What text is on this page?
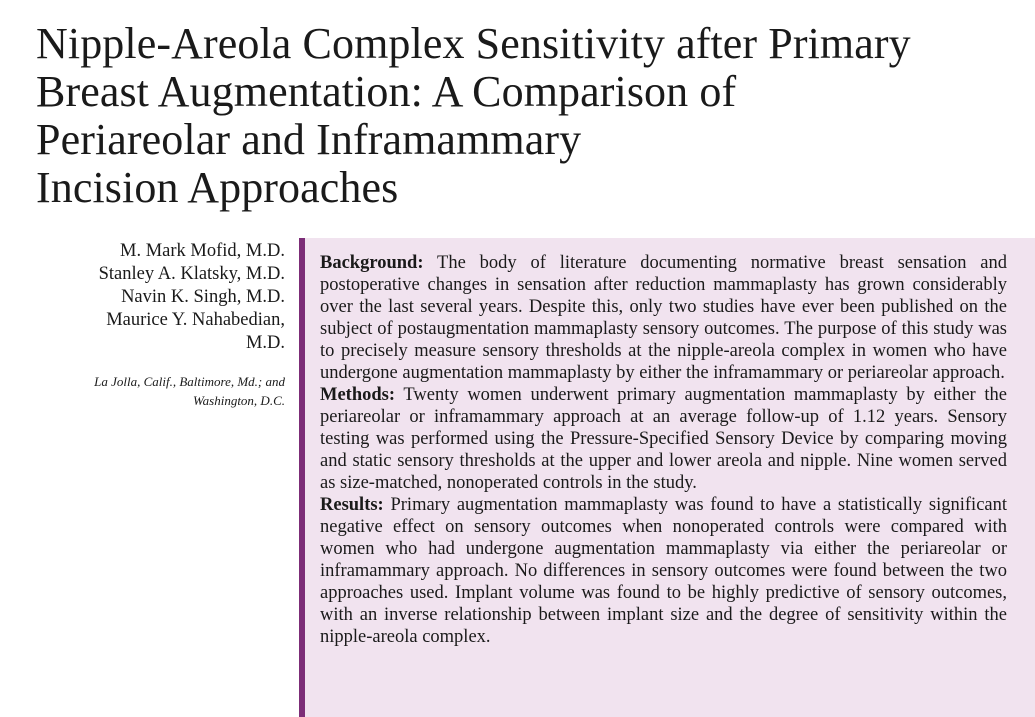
Nipple-Areola Complex Sensitivity after Primary
Breast Augmentation: A Comparison of
Periareolar and Inframammary
Incision Approaches
M. Mark Mofid, M.D.
Stanley A. Klatsky, M.D.
Navin K. Singh, M.D.
Maurice Y. Nahabedian,
M.D.
La Jolla, Calif., Baltimore, Md.; and
Washington, D.C.

Background: The body of literature documenting normative breast sensation and postoperative changes in sensation after reduction mammaplasty has grown considerably over the last several years. Despite this, only two studies have ever been published on the subject of postaugmentation mammaplasty sensory outcomes. The purpose of this study was to precisely measure sensory thresholds at the nipple-areola complex in women who have undergone augmentation mammaplasty by either the inframammary or periareolar approach.

Methods: Twenty women underwent primary augmentation mammaplasty by either the periareolar or inframammary approach at an average follow-up of 1.12 years. Sensory testing was performed using the Pressure-Specified Sensory Device by comparing moving and static sensory thresholds at the upper and lower areola and nipple. Nine women served as size-matched, nonoperated controls in the study.

Results: Primary augmentation mammaplasty was found to have a statistically significant negative effect on sensory outcomes when nonoperated controls were compared with women who had undergone augmentation mammaplasty via either the periareolar or inframammary approach. No differences in sensory outcomes were found between the two approaches used. Implant volume was found to be highly predictive of sensory outcomes, with an inverse relationship between implant size and the degree of sensitivity within the nipple-areola complex.
